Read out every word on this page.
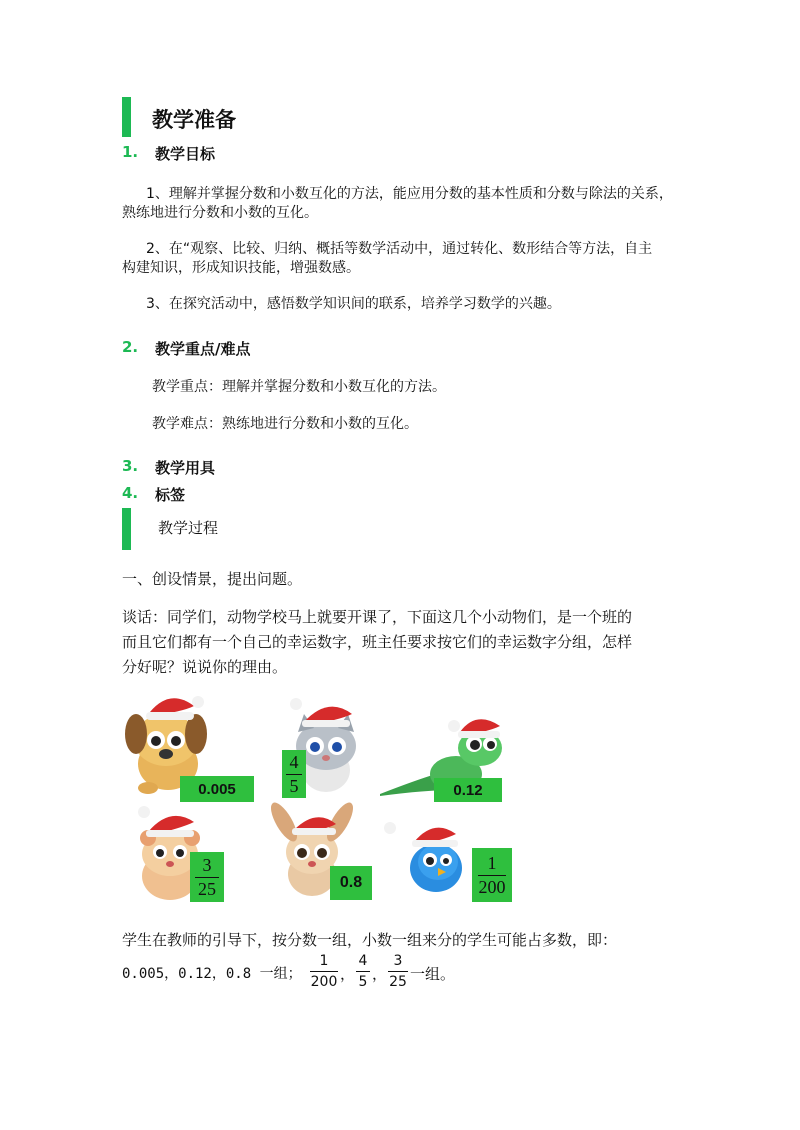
教学准备
1. 教学目标
1、理解并掌握分数和小数互化的方法，能应用分数的基本性质和分数与除法的关系，
熟练地进行分数和小数的互化。
2、在“观察、比较、归纳、概括等数学活动中，通过转化、数形结合等方法，自主
构建知识，形成知识技能，增强数感。
3、在探究活动中，感悟数学知识间的联系，培养学习数学的兴趣。
2. 教学重点/难点
教学重点：理解并掌握分数和小数互化的方法。
教学难点：熟练地进行分数和小数的互化。
3. 教学用具
4. 标签
教学过程
一、创设情景，提出问题。
谈话：同学们，动物学校马上就要开课了，下面这几个小动物们，是一个班的
而且它们都有一个自己的幸运数字，班主任要求按它们的幸运数字分组，怎样
分好呢？说说你的理由。
0.005
4
5	0.12
3
25	0.8
1
200
学生在教师的引导下，按分数一组，小数一组来分的学生可能占多数，即：
0.005，0.12，0.8 一组；
1
200 ，
4
5 ，
3
25 一组。
